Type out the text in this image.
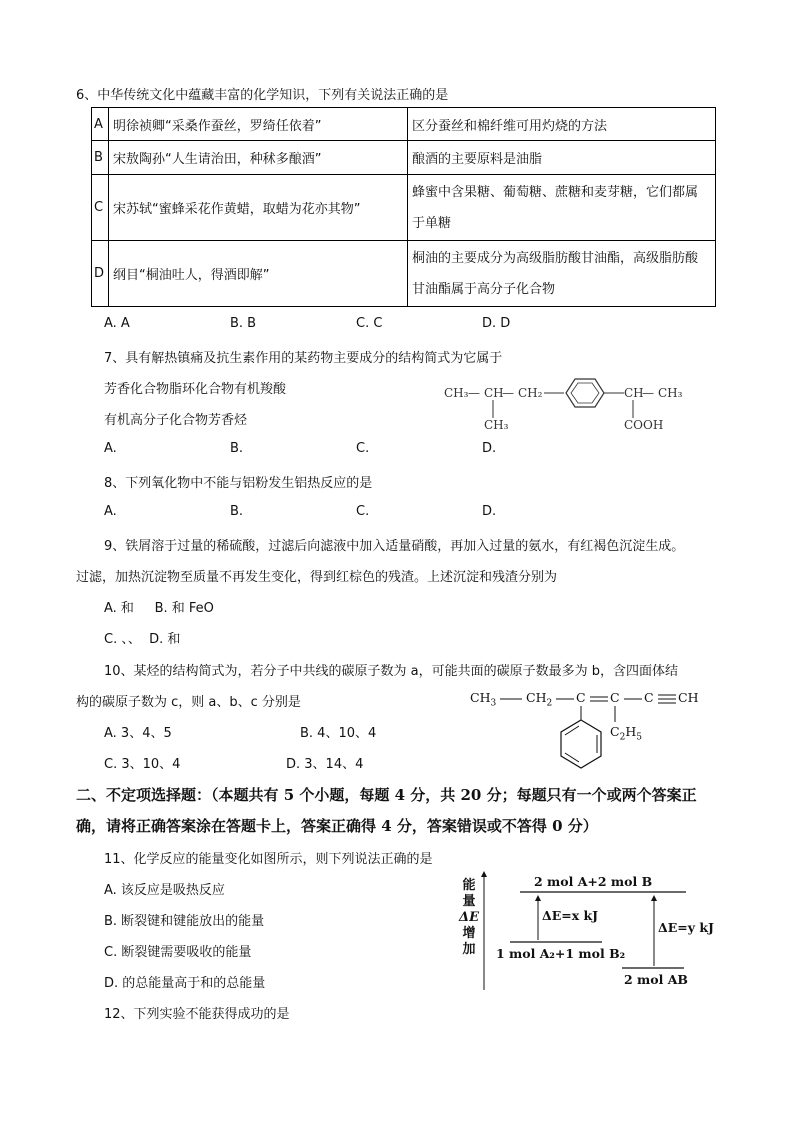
6、中华传统文化中蕴藏丰富的化学知识，下列有关说法正确的是
A	明徐祯卿“采桑作蚕丝，罗绮任依着”	区分蚕丝和棉纤维可用灼烧的方法
B	宋敖陶孙“人生请治田，种秫多酿酒”	酿酒的主要原料是油脂
C	宋苏轼“蜜蜂采花作黄蜡，取蜡为花亦其物”	蜂蜜中含果糖、葡萄糖、蔗糖和麦芽糖，它们都属
于单糖

D	纲目“桐油吐人，得酒即解”	桐油的主要成分为高级脂肪酸甘油酯，高级脂肪酸
甘油酯属于高分子化合物
A. A	B. B	C. C	D. D
7、具有解热镇痛及抗生素作用的某药物主要成分的结构简式为它属于
芳香化合物脂环化合物有机羧酸
有机高分子化合物芳香烃
CH₃ — CH
— CH₂
CH₃
CH
— CH₃
COOH
A.	B.	C.	D.
8、下列氧化物中不能与铝粉发生铝热反应的是
A.	B.	C.	D.
9、铁屑溶于过量的稀硫酸，过滤后向滤液中加入适量硝酸，再加入过量的氨水，有红褐色沉淀生成。
过滤，加热沉淀物至质量不再发生变化，得到红棕色的残渣。上述沉淀和残渣分别为
A. 和     B. 和 FeO
C. 、、  D. 和
10、某烃的结构简式为，若分子中共线的碳原子数为 a，可能共面的碳原子数最多为 b，含四面体结
构的碳原子数为 c，则 a、b、c 分别是
A. 3、4、5	B. 4、10、4
C. 3、10、4	D. 3、14、4
$CH_3$ $CH_2$ C C C CH
$C_2H_5$
二、不定项选择题：（本题共有 5 个小题，每题 4 分，共 20 分；每题只有一个或两个答案正
确，请将正确答案涂在答题卡上，答案正确得 4 分，答案错误或不答得 0 分）
11、化学反应的能量变化如图所示，则下列说法正确的是
A. 该反应是吸热反应
B. 断裂键和键能放出的能量
C. 断裂键需要吸收的能量
D. 的总能量高于和的总能量
能
量
ΔE
增
加
2 mol A+2 mol B
ΔE=x kJ
ΔE=y kJ
1 mol A₂+1 mol B₂
2 mol AB
12、下列实验不能获得成功的是
